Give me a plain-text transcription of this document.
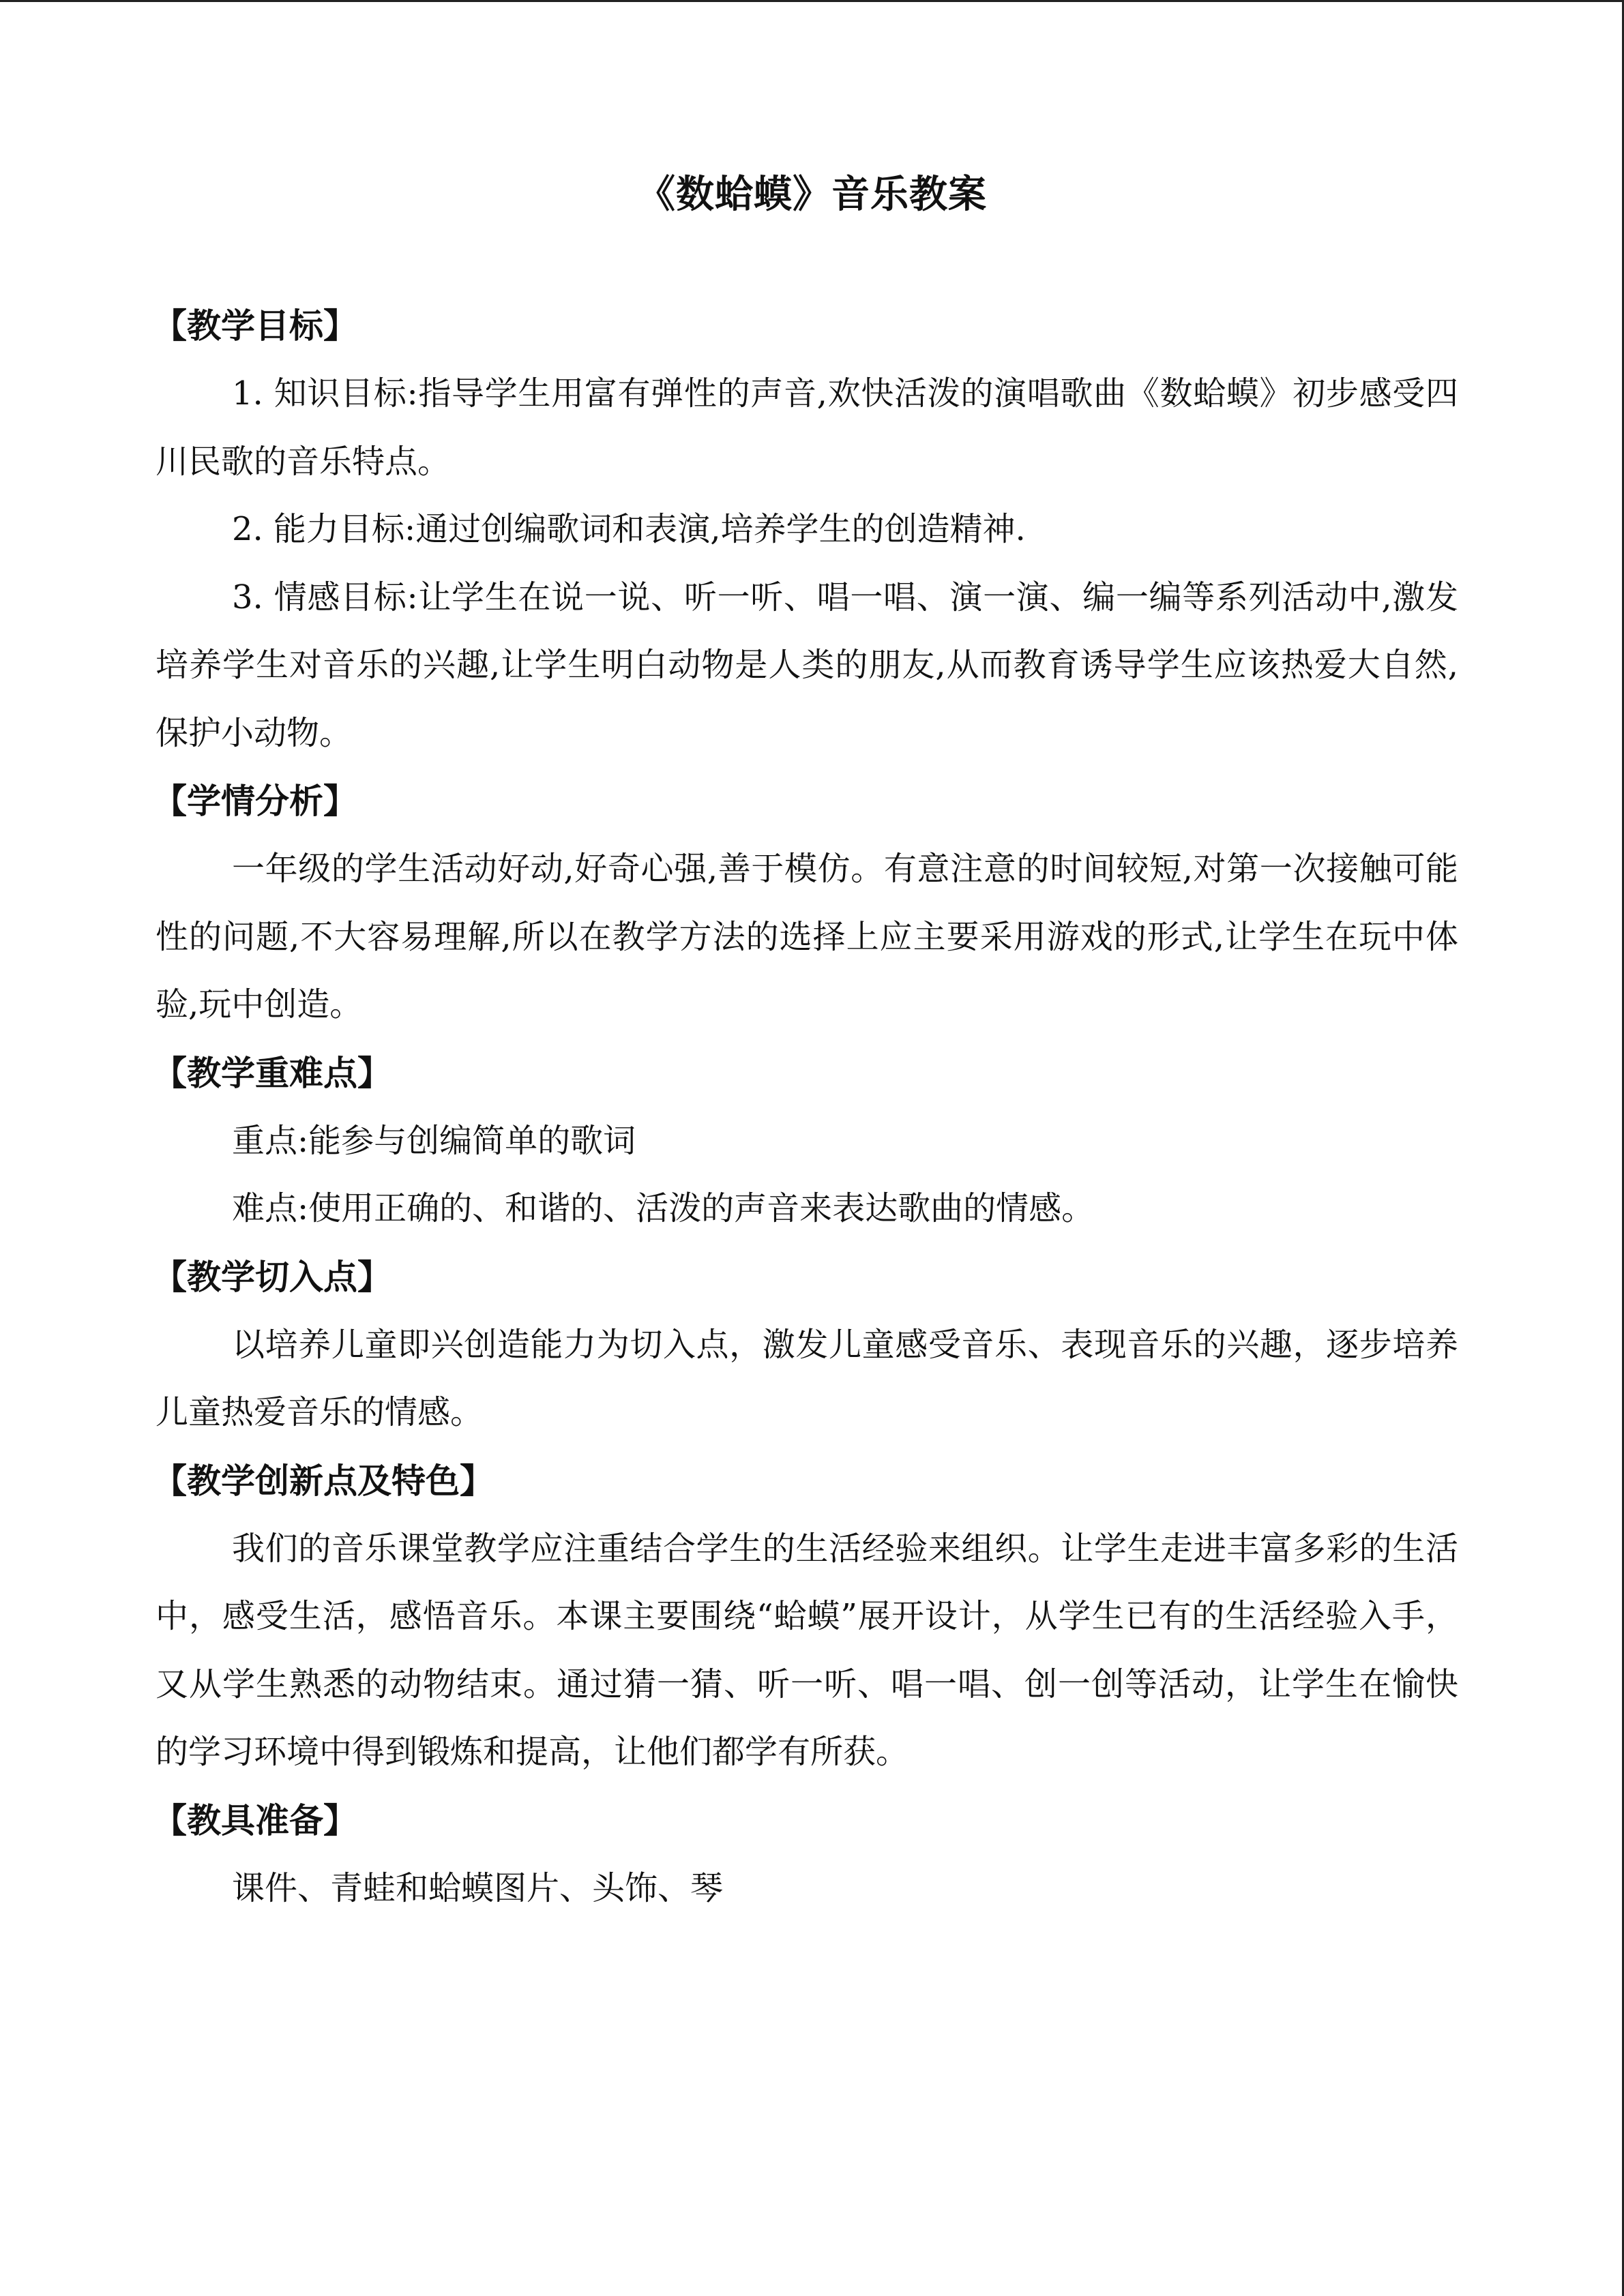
《数蛤蟆》音乐教案
【教学目标】
1. 知识目标:指导学生用富有弹性的声音,欢快活泼的演唱歌曲《数蛤蟆》初步感受四川民歌的音乐特点。
2. 能力目标:通过创编歌词和表演,培养学生的创造精神.
3. 情感目标:让学生在说一说、听一听、唱一唱、演一演、编一编等系列活动中,激发培养学生对音乐的兴趣,让学生明白动物是人类的朋友,从而教育诱导学生应该热爱大自然,保护小动物。
【学情分析】
一年级的学生活动好动,好奇心强,善于模仿。有意注意的时间较短,对第一次接触可能性的问题,不大容易理解,所以在教学方法的选择上应主要采用游戏的形式,让学生在玩中体验,玩中创造。
【教学重难点】
重点:能参与创编简单的歌词
难点:使用正确的、和谐的、活泼的声音来表达歌曲的情感。
【教学切入点】
以培养儿童即兴创造能力为切入点，激发儿童感受音乐、表现音乐的兴趣，逐步培养儿童热爱音乐的情感。
【教学创新点及特色】
我们的音乐课堂教学应注重结合学生的生活经验来组织。让学生走进丰富多彩的生活中，感受生活，感悟音乐。本课主要围绕“蛤蟆”展开设计，从学生已有的生活经验入手，又从学生熟悉的动物结束。通过猜一猜、听一听、唱一唱、创一创等活动，让学生在愉快的学习环境中得到锻炼和提高，让他们都学有所获。
【教具准备】
课件、青蛙和蛤蟆图片、头饰、琴
